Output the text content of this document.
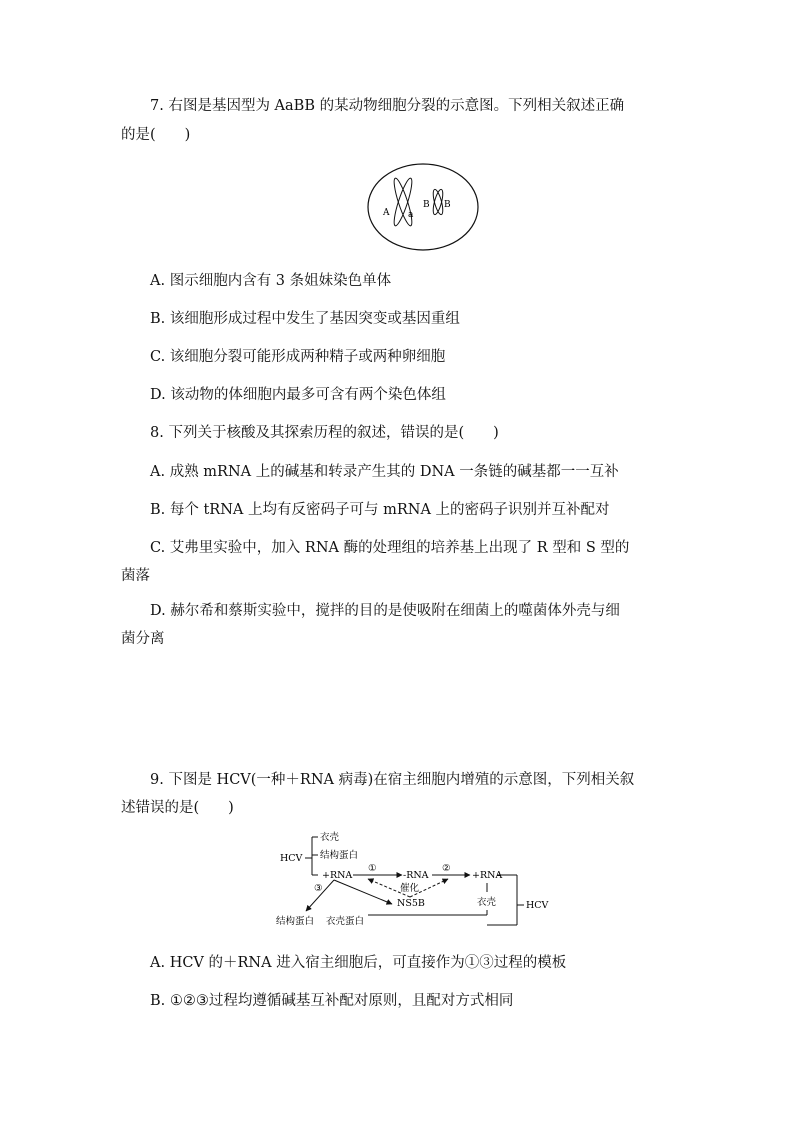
7. 右图是基因型为 AaBB 的某动物细胞分裂的示意图。下列相关叙述正确
的是(　　)
A a
B B
A. 图示细胞内含有 3 条姐妹染色单体
B. 该细胞形成过程中发生了基因突变或基因重组
C. 该细胞分裂可能形成两种精子或两种卵细胞
D. 该动物的体细胞内最多可含有两个染色体组
8. 下列关于核酸及其探索历程的叙述，错误的是(　　)
A. 成熟 mRNA 上的碱基和转录产生其的 DNA 一条链的碱基都一一互补
B. 每个 tRNA 上均有反密码子可与 mRNA 上的密码子识别并互补配对
C. 艾弗里实验中，加入 RNA 酶的处理组的培养基上出现了 R 型和 S 型的
菌落
D. 赫尔希和蔡斯实验中，搅拌的目的是使吸附在细菌上的噬菌体外壳与细
菌分离
9. 下图是 HCV(一种＋RNA 病毒)在宿主细胞内增殖的示意图，下列相关叙
述错误的是(　　)
HCV
衣壳
结构蛋白
+RNA
①
-RNA
②
+RNA
催化
NS5B
③
衣壳	HCV
结构蛋白 衣壳蛋白
A. HCV 的＋RNA 进入宿主细胞后，可直接作为①③过程的模板
B. ①②③过程均遵循碱基互补配对原则，且配对方式相同
